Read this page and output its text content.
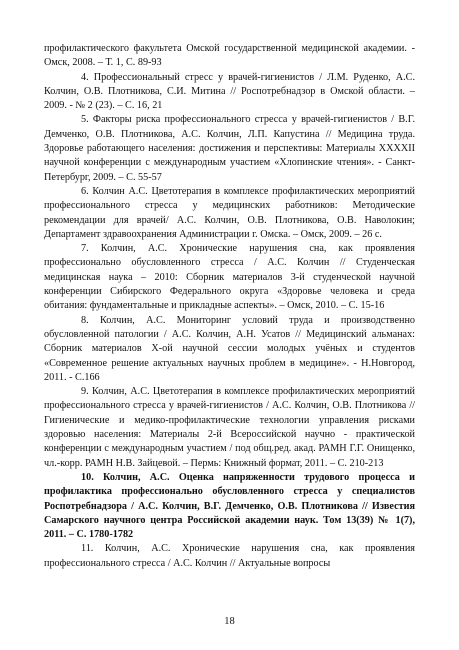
профилактического факультета Омской государственной медицинской академии. - Омск, 2008. – Т. 1, С. 89-93

4. Профессиональный стресс у врачей-гигиенистов / Л.М. Руденко, А.С. Колчин, О.В. Плотникова, С.И. Митина // Роспотребнадзор в Омской области. – 2009. - № 2 (23). – С. 16, 21

5. Факторы риска профессионального стресса у врачей-гигиенистов / В.Г. Демченко, О.В. Плотникова, А.С. Колчин, Л.П. Капустина // Медицина труда. Здоровье работающего населения: достижения и перспективы: Материалы XXXXII научной конференции с международным участием «Хлопинские чтения». - Санкт-Петербург, 2009. – С. 55-57

6. Колчин А.С. Цветотерапия в комплексе профилактических мероприятий профессионального стресса у медицинских работников: Методические рекомендации для врачей/ А.С. Колчин, О.В. Плотникова, О.В. Наволокин; Департамент здравоохранения Администрации г. Омска. – Омск, 2009. – 26 с.

7. Колчин, А.С. Хронические нарушения сна, как проявления профессионально обусловленного стресса / А.С. Колчин // Студенческая медицинская наука – 2010: Сборник материалов 3-й студенческой научной конференции Сибирского Федерального округа «Здоровье человека и среда обитания: фундаментальные и прикладные аспекты». – Омск, 2010. – С. 15-16

8. Колчин, А.С. Мониторинг условий труда и производственно обусловленной патологии / А.С. Колчин, А.Н. Усатов // Медицинский альманах: Сборник материалов Х-ой научной сессии молодых учёных и студентов «Современное решение актуальных научных проблем в медицине». - Н.Новгород, 2011. - С.166

9. Колчин, А.С. Цветотерапия в комплексе профилактических мероприятий профессионального стресса у врачей-гигиенистов / А.С. Колчин, О.В. Плотникова // Гигиенические и медико-профилактические технологии управления рисками здоровью населения: Материалы 2-й Всероссийской научно - практической конференции с международным участием / под общ.ред. акад. РАМН Г.Г. Онищенко, чл.-корр. РАМН Н.В. Зайцевой. – Пермь: Книжный формат, 2011. – С. 210-213

10. Колчин, А.С. Оценка напряженности трудового процесса и профилактика профессионально обусловленного стресса у специалистов Роспотребнадзора / А.С. Колчин, В.Г. Демченко, О.В. Плотникова // Известия Самарского научного центра Российской академии наук. Том 13(39) № 1(7), 2011. – С. 1780-1782

11. Колчин, А.С. Хронические нарушения сна, как проявления профессионального стресса / А.С. Колчин // Актуальные вопросы

18
